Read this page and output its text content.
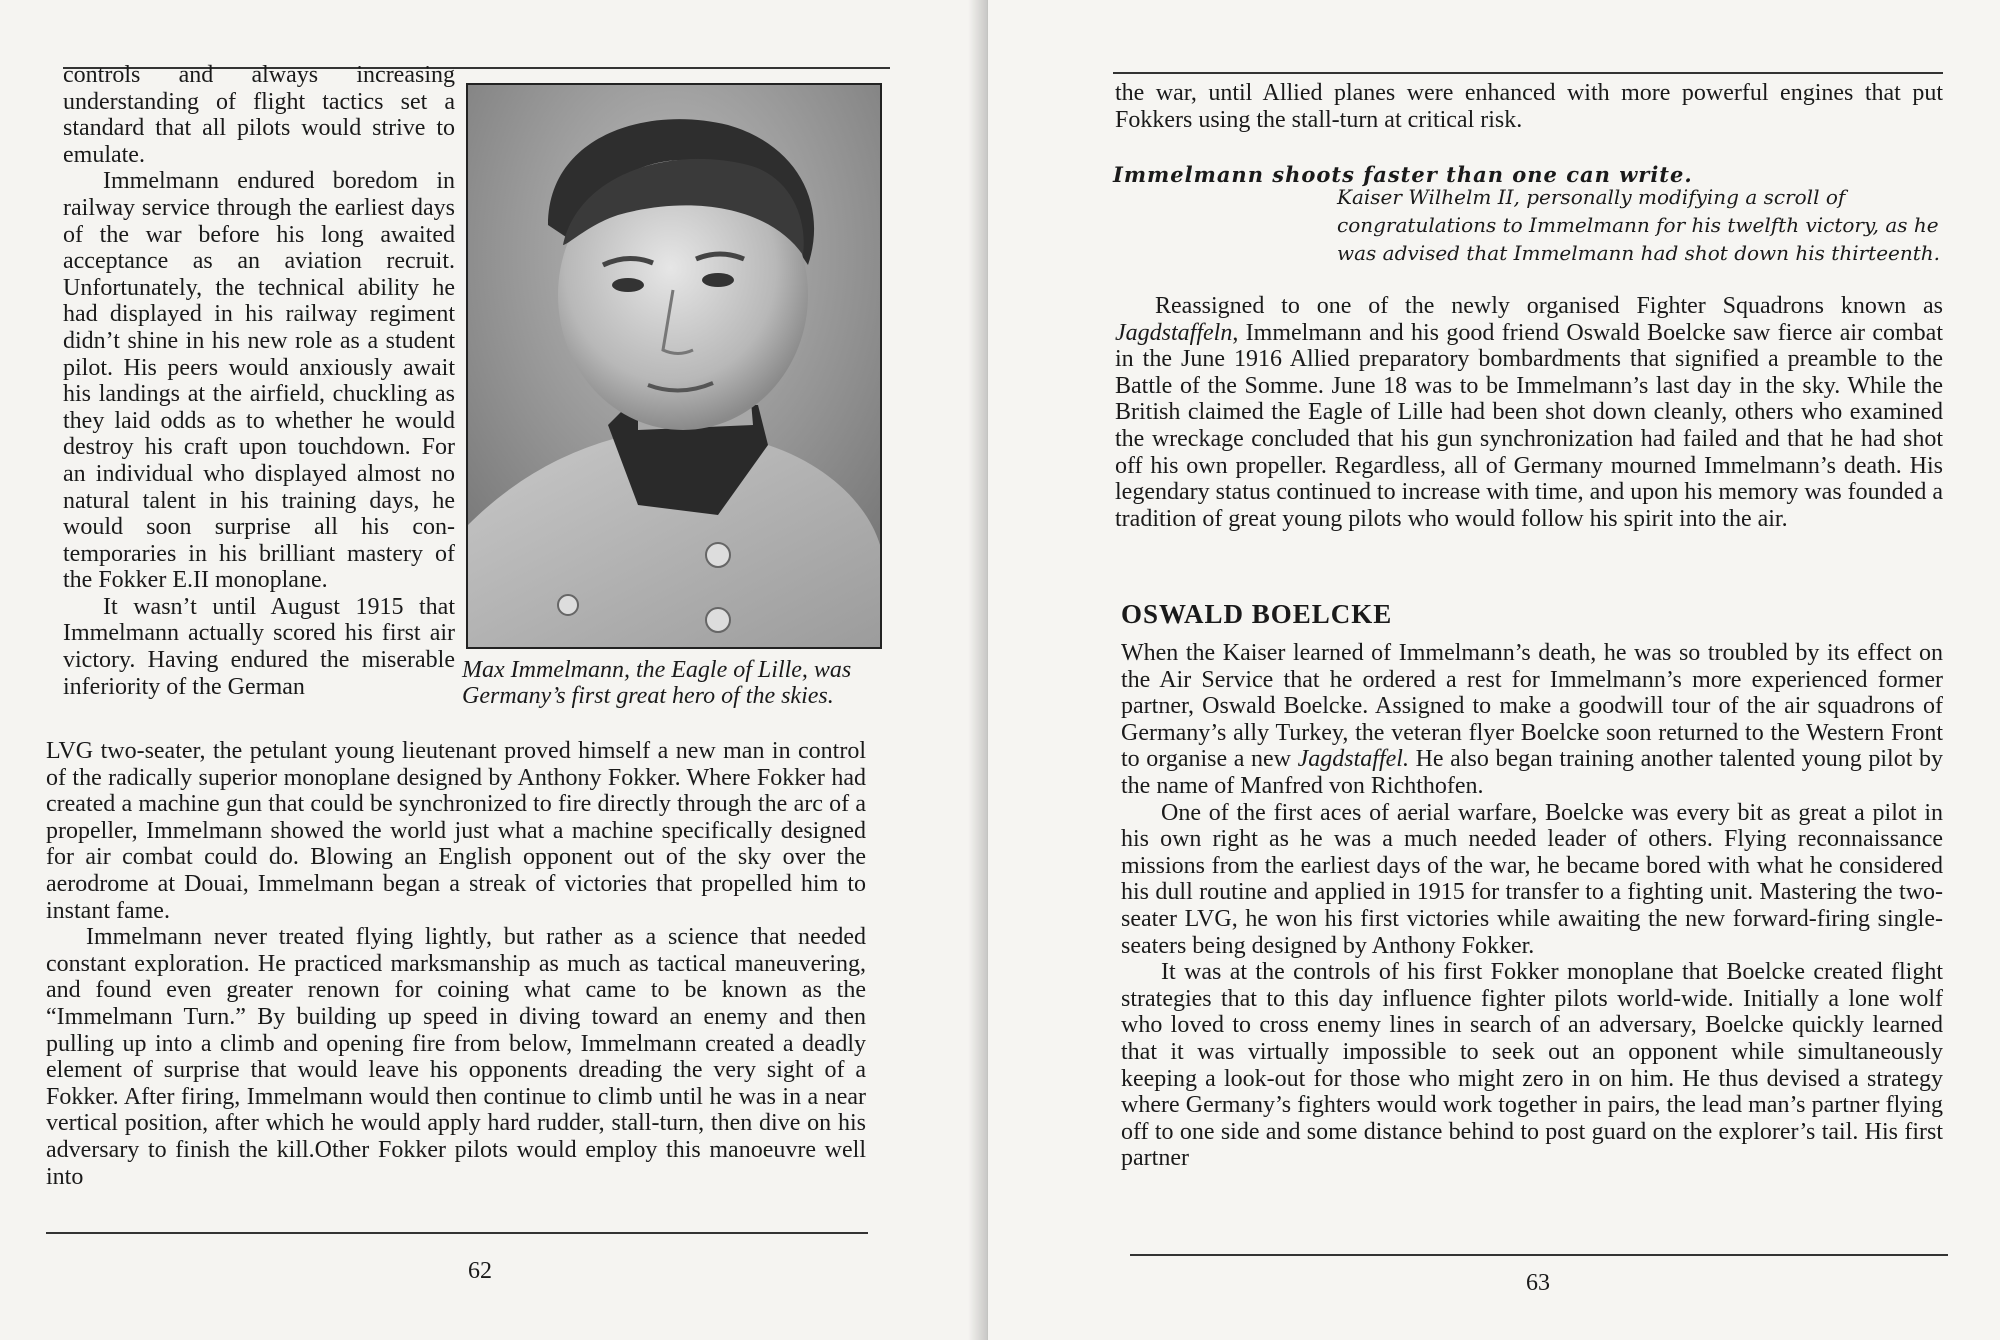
controls and always increasing understanding of flight tactics set a standard that all pilots would strive to emulate.

Immelmann endured boredom in railway service through the earliest days of the war before his long awaited acceptance as an aviation recruit. Unfortunately, the technical ability he had displayed in his railway regiment didn’t shine in his new role as a student pilot. His peers would anxiously await his landings at the airfield, chuckling as they laid odds as to whether he would destroy his craft upon touchdown. For an individual who displayed almost no natural talent in his training days, he would soon surprise all his con-temporaries in his brilliant mastery of the Fokker E.II monoplane.

It wasn’t until August 1915 that Immelmann actually scored his first air victory. Having endured the miserable inferiority of the German

Max Immelmann, the Eagle of Lille, was Germany’s first great hero of the skies.

LVG two-seater, the petulant young lieutenant proved himself a new man in control of the radically superior monoplane designed by Anthony Fokker. Where Fokker had created a machine gun that could be synchronized to fire directly through the arc of a propeller, Immelmann showed the world just what a machine specifically designed for air combat could do. Blowing an English opponent out of the sky over the aerodrome at Douai, Immelmann began a streak of victories that propelled him to instant fame.

Immelmann never treated flying lightly, but rather as a science that needed constant exploration. He practiced marksmanship as much as tactical maneuvering, and found even greater renown for coining what came to be known as the “Immelmann Turn.” By building up speed in diving toward an enemy and then pulling up into a climb and opening fire from below, Immelmann created a deadly element of surprise that would leave his opponents dreading the very sight of a Fokker. After firing, Immelmann would then continue to climb until he was in a near vertical position, after which he would apply hard rudder, stall-turn, then dive on his adversary to finish the kill.Other Fokker pilots would employ this manoeuvre well into

62
the war, until Allied planes were enhanced with more powerful engines that put Fokkers using the stall-turn at critical risk.
Immelmann shoots faster than one can write.
Kaiser Wilhelm II, personally modifying a scroll of congratulations to Immelmann for his twelfth victory, as he was advised that Immelmann had shot down his thirteenth.

Reassigned to one of the newly organised Fighter Squadrons known as Jagdstaffeln, Immelmann and his good friend Oswald Boelcke saw fierce air combat in the June 1916 Allied preparatory bombardments that signified a preamble to the Battle of the Somme. June 18 was to be Immelmann’s last day in the sky. While the British claimed the Eagle of Lille had been shot down cleanly, others who examined the wreckage concluded that his gun synchronization had failed and that he had shot off his own propeller. Regardless, all of Germany mourned Immelmann’s death. His legendary status continued to increase with time, and upon his memory was founded a tradition of great young pilots who would follow his spirit into the air.

OSWALD BOELCKE

When the Kaiser learned of Immelmann’s death, he was so troubled by its effect on the Air Service that he ordered a rest for Immelmann’s more experienced former partner, Oswald Boelcke. Assigned to make a goodwill tour of the air squadrons of Germany’s ally Turkey, the veteran flyer Boelcke soon returned to the Western Front to organise a new Jagdstaffel. He also began training another talented young pilot by the name of Manfred von Richthofen.

One of the first aces of aerial warfare, Boelcke was every bit as great a pilot in his own right as he was a much needed leader of others. Flying reconnaissance missions from the earliest days of the war, he became bored with what he considered his dull routine and applied in 1915 for transfer to a fighting unit. Mastering the two-seater LVG, he won his first victories while awaiting the new forward-firing single-seaters being designed by Anthony Fokker.

It was at the controls of his first Fokker monoplane that Boelcke created flight strategies that to this day influence fighter pilots world-wide. Initially a lone wolf who loved to cross enemy lines in search of an adversary, Boelcke quickly learned that it was virtually impossible to seek out an opponent while simultaneously keeping a look-out for those who might zero in on him. He thus devised a strategy where Germany’s fighters would work together in pairs, the lead man’s partner flying off to one side and some distance behind to post guard on the explorer’s tail. His first partner

63
